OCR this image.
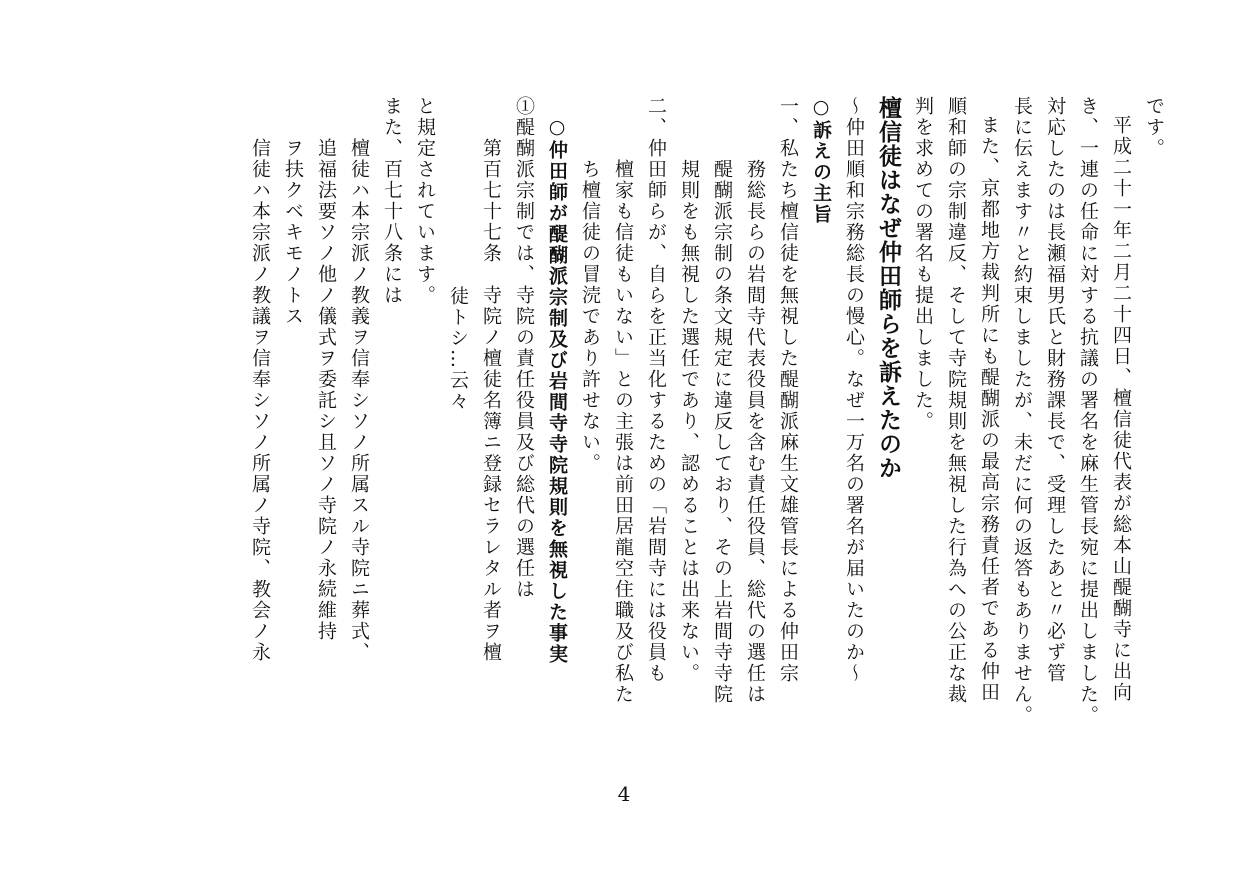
です。
平成二十一年二月二十四日、檀信徒代表が総本山醍醐寺に出向
き、一連の任命に対する抗議の署名を麻生管長宛に提出しました。
対応したのは長瀬福男氏と財務課長で、受理したあと〃必ず管
長に伝えます〃と約束しましたが、未だに何の返答もありません。
また、京都地方裁判所にも醍醐派の最高宗務責任者である仲田
順和師の宗制違反、そして寺院規則を無視した行為への公正な裁
判を求めての署名も提出しました。
檀信徒はなぜ仲田師らを訴えたのか
～仲田順和宗務総長の慢心。なぜ一万名の署名が届いたのか～
○訴えの主旨
一、私たち檀信徒を無視した醍醐派麻生文雄管長による仲田宗
務総長らの岩間寺代表役員を含む責任役員、総代の選任は
醍醐派宗制の条文規定に違反しており、その上岩間寺寺院
規則をも無視した選任であり、認めることは出来ない。
二、仲田師らが、自らを正当化するための「岩間寺には役員も
檀家も信徒もいない」との主張は前田居龍空住職及び私た
ち檀信徒の冒涜であり許せない。
○仲田師が醍醐派宗制及び岩間寺寺院規則を無視した事実
①醍醐派宗制では、寺院の責任役員及び総代の選任は
第百七十七条　寺院ノ檀徒名簿ニ登録セラレタル者ヲ檀
徒トシ…云々
と規定されています。
また、百七十八条には
檀徒ハ本宗派ノ教義ヲ信奉シソノ所属スル寺院ニ葬式、
追福法要ソノ他ノ儀式ヲ委託シ且ソノ寺院ノ永続維持
ヲ扶クベキモノトス
信徒ハ本宗派ノ教議ヲ信奉シソノ所属ノ寺院、教会ノ永
4
